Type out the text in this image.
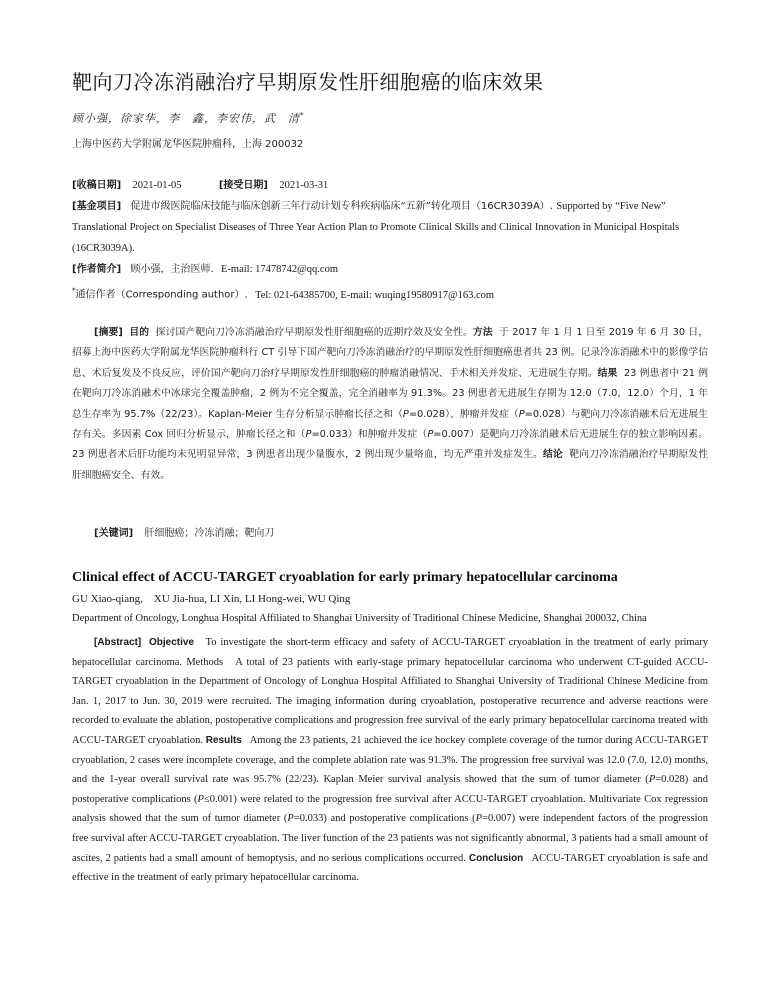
靶向刀冷冻消融治疗早期原发性肝细胞癌的临床效果
顾小强，徐家华，李　鑫，李宏伟，武　清*
上海中医药大学附属龙华医院肿瘤科，上海 200032
[收稿日期] 2021-01-05	[接受日期] 2021-03-31
[基金项目] 促进市级医院临床技能与临床创新三年行动计划专科疾病临床“五新”转化项目（16CR3039A）. Supported by “Five New” Translational Project on Specialist Diseases of Three Year Action Plan to Promote Clinical Skills and Clinical Innovation in Municipal Hospitals (16CR3039A).
[作者简介] 顾小强，主治医师. E-mail: 17478742@qq.com
*通信作者（Corresponding author）. Tel: 021-64385700, E-mail: wuqing19580917@163.com
[摘要] 目的 探讨国产靶向刀冷冻消融治疗早期原发性肝细胞癌的近期疗效及安全性。方法 于 2017 年 1 月 1 日至 2019 年 6 月 30 日，招募上海中医药大学附属龙华医院肿瘤科行 CT 引导下国产靶向刀冷冻消融治疗的早期原发性肝细胞癌患者共 23 例。记录冷冻消融术中的影像学信息、术后复发及不良反应，评价国产靶向刀治疗早期原发性肝细胞癌的肿瘤消融情况、手术相关并发症、无进展生存期。结果 23 例患者中 21 例在靶向刀冷冻消融术中冰球完全覆盖肿瘤，2 例为不完全覆盖，完全消融率为 91.3%。23 例患者无进展生存期为 12.0（7.0，12.0）个月，1 年总生存率为 95.7%（22/23）。Kaplan-Meier 生存分析显示肿瘤长径之和（P=0.028）、肿瘤并发症（P=0.028）与靶向刀冷冻消融术后无进展生存有关。多因素 Cox 回归分析显示，肿瘤长径之和（P=0.033）和肿瘤并发症（P=0.007）是靶向刀冷冻消融术后无进展生存的独立影响因素。23 例患者术后肝功能均未见明显异常，3 例患者出现少量腹水，2 例出现少量咯血，均无严重并发症发生。结论 靶向刀冷冻消融治疗早期原发性肝细胞癌安全、有效。
[关键词] 肝细胞癌；冷冻消融；靶向刀
Clinical effect of ACCU-TARGET cryoablation for early primary hepatocellular carcinoma
GU Xiao-qiang,    XU Jia-hua, LI Xin, LI Hong-wei, WU Qing
Department of Oncology, Longhua Hospital Affiliated to Shanghai University of Traditional Chinese Medicine, Shanghai 200032, China
[Abstract] Objective To investigate the short-term efficacy and safety of ACCU-TARGET cryoablation in the treatment of early primary hepatocellular carcinoma. Methods A total of 23 patients with early-stage primary hepatocellular carcinoma who underwent CT-guided ACCU-TARGET cryoablation in the Department of Oncology of Longhua Hospital Affiliated to Shanghai University of Traditional Chinese Medicine from Jan. 1, 2017 to Jun. 30, 2019 were recruited. The imaging information during cryoablation, postoperative recurrence and adverse reactions were recorded to evaluate the ablation, postoperative complications and progression free survival of the early primary hepatocellular carcinoma treated with ACCU-TARGET cryoablation. Results Among the 23 patients, 21 achieved the ice hockey complete coverage of the tumor during ACCU-TARGET cryoablation, 2 cases were incomplete coverage, and the complete ablation rate was 91.3%. The progression free survival was 12.0 (7.0, 12.0) months, and the 1-year overall survival rate was 95.7% (22/23). Kaplan Meier survival analysis showed that the sum of tumor diameter (P=0.028) and postoperative complications (P≤0.001) were related to the progression free survival after ACCU-TARGET cryoablation. Multivariate Cox regression analysis showed that the sum of tumor diameter (P=0.033) and postoperative complications (P=0.007) were independent factors of the progression free survival after ACCU-TARGET cryoablation. The liver function of the 23 patients was not significantly abnormal, 3 patients had a small amount of ascites, 2 patients had a small amount of hemoptysis, and no serious complications occurred. Conclusion ACCU-TARGET cryoablation is safe and effective in the treatment of early primary hepatocellular carcinoma.
